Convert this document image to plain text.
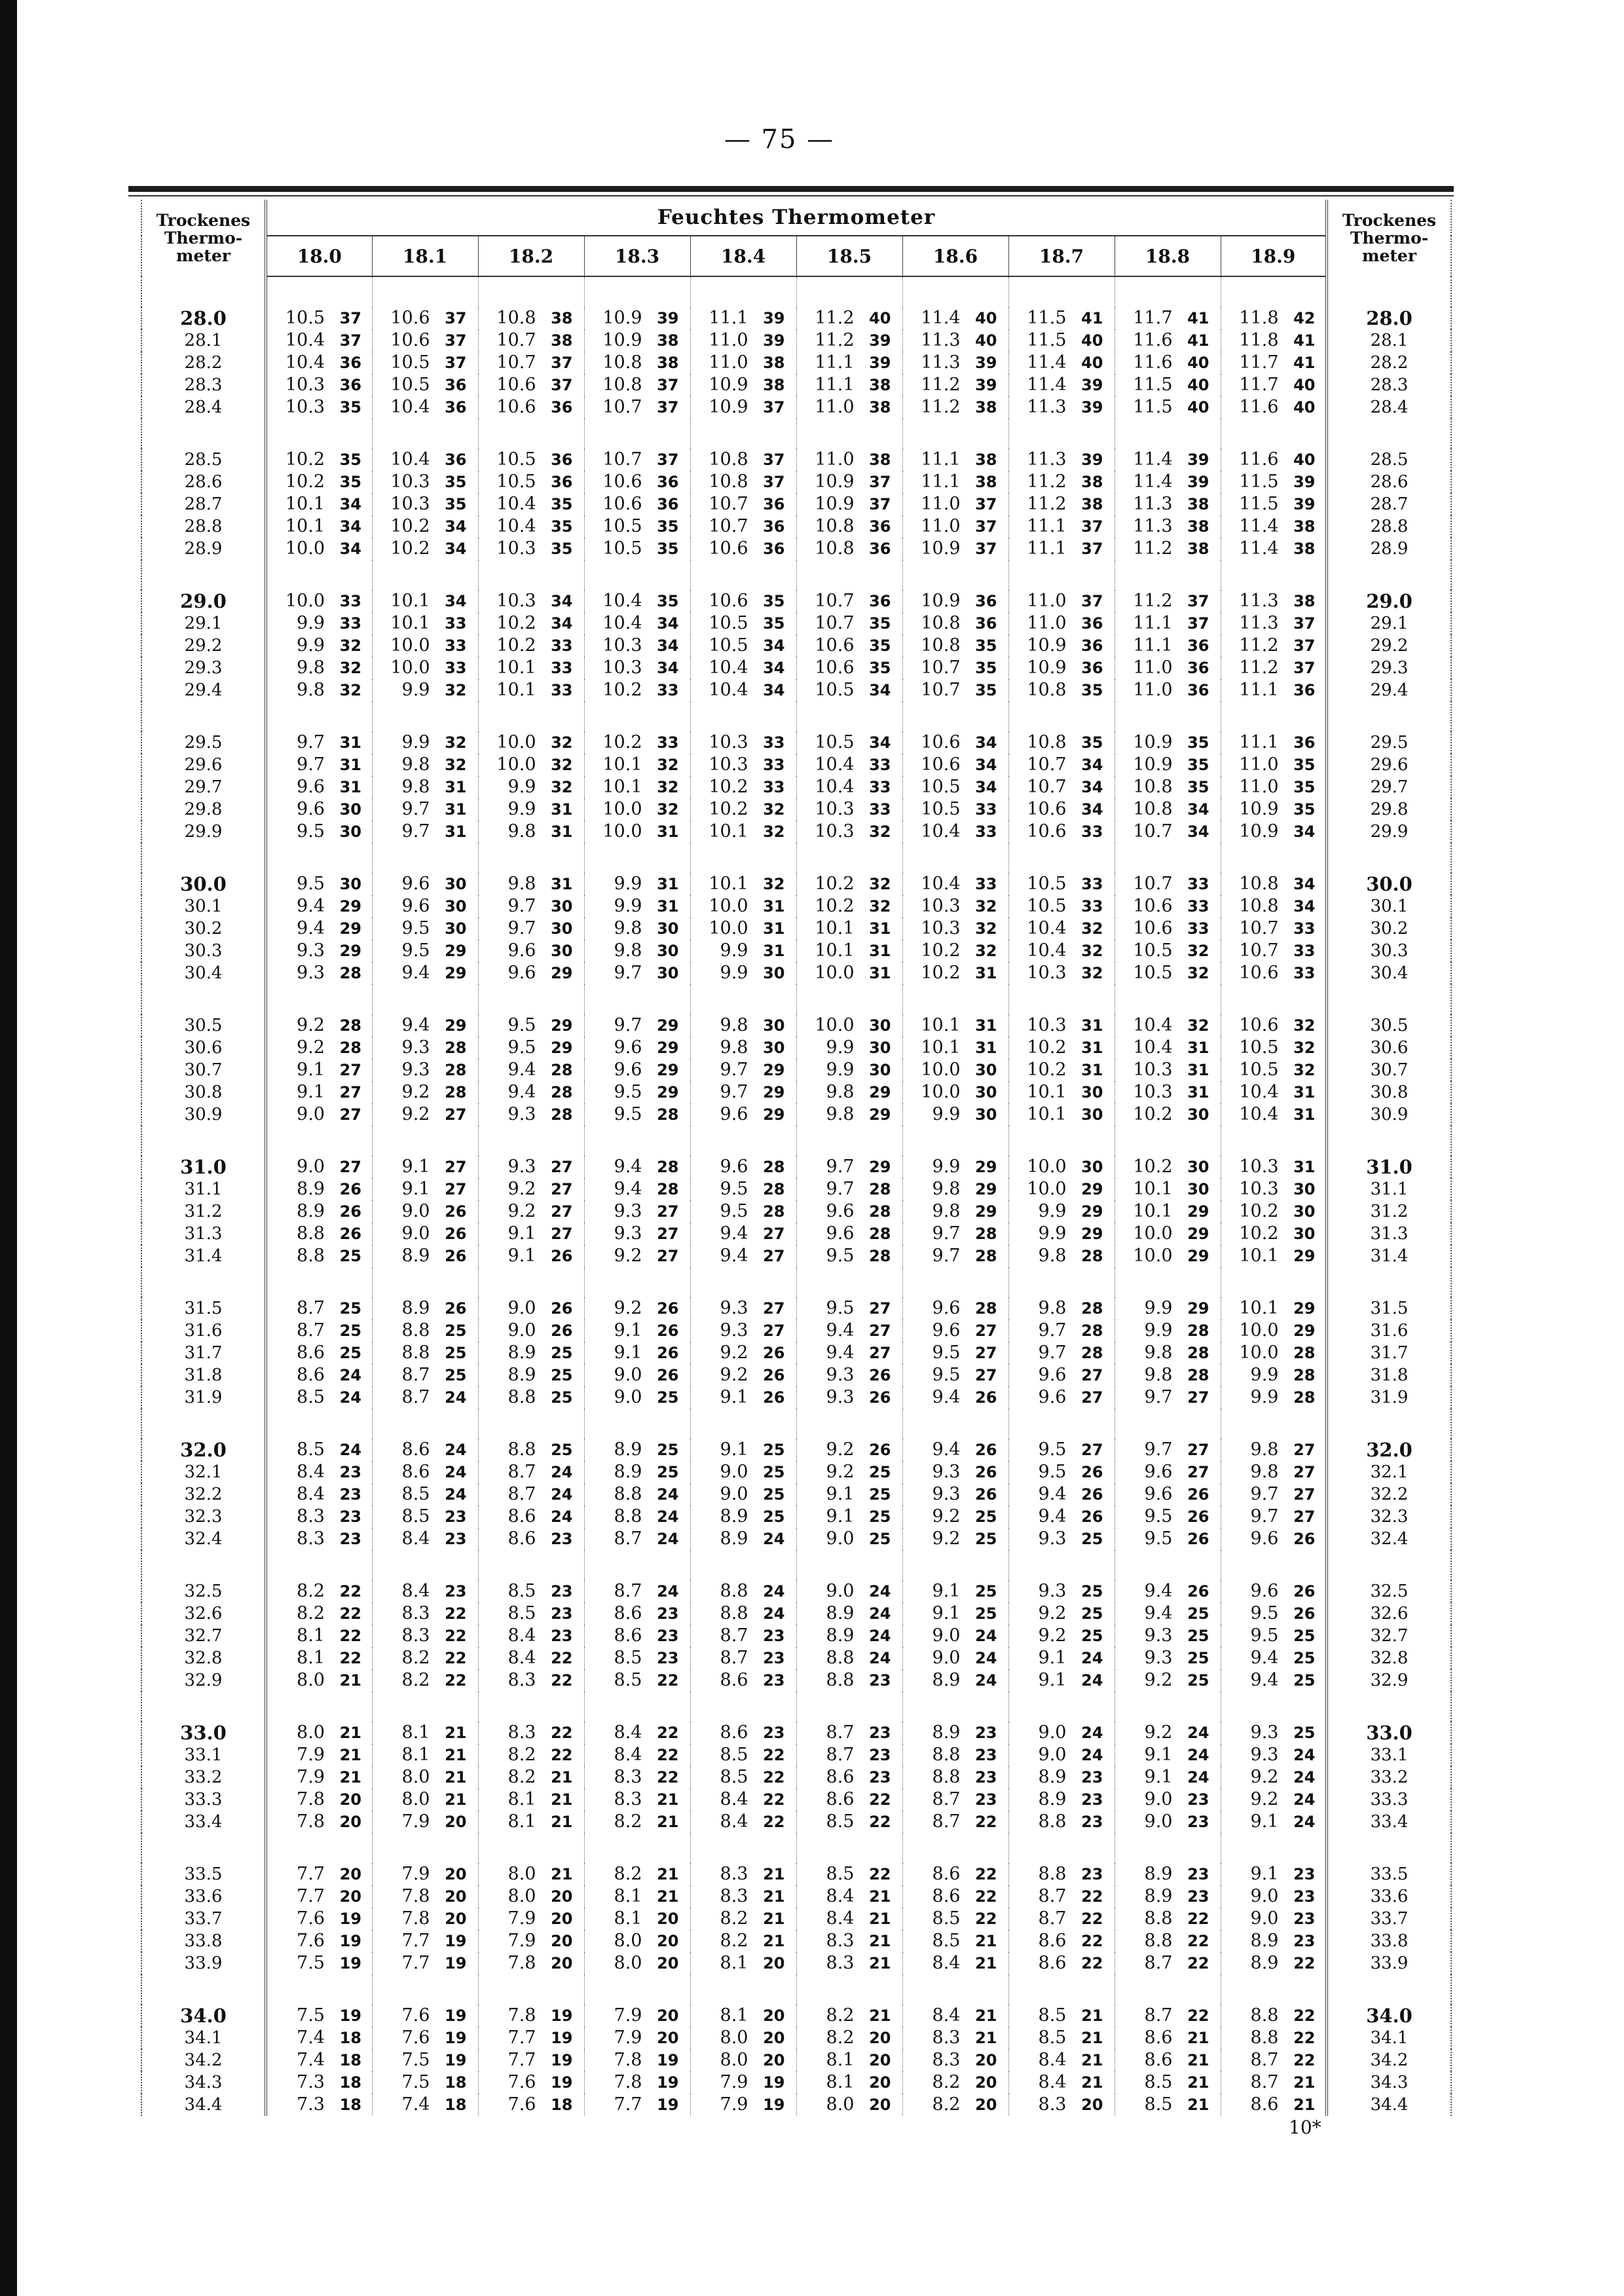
— 75 —
Trockenes
Thermo-
meter	Feuchtes Thermometer										Trockenes
Thermo-
meter
	18.0	18.1	18.2	18.3	18.4	18.5	18.6	18.7	18.8	18.9	

28.0	10.5 37	10.6 37	10.8 38	10.9 39	11.1 39	11.2 40	11.4 40	11.5 41	11.7 41	11.8 42	28.0
28.1	10.4 37	10.6 37	10.7 38	10.9 38	11.0 39	11.2 39	11.3 40	11.5 40	11.6 41	11.8 41	28.1
28.2	10.4 36	10.5 37	10.7 37	10.8 38	11.0 38	11.1 39	11.3 39	11.4 40	11.6 40	11.7 41	28.2
28.3	10.3 36	10.5 36	10.6 37	10.8 37	10.9 38	11.1 38	11.2 39	11.4 39	11.5 40	11.7 40	28.3
28.4	10.3 35	10.4 36	10.6 36	10.7 37	10.9 37	11.0 38	11.2 38	11.3 39	11.5 40	11.6 40	28.4

28.5	10.2 35	10.4 36	10.5 36	10.7 37	10.8 37	11.0 38	11.1 38	11.3 39	11.4 39	11.6 40	28.5
28.6	10.2 35	10.3 35	10.5 36	10.6 36	10.8 37	10.9 37	11.1 38	11.2 38	11.4 39	11.5 39	28.6
28.7	10.1 34	10.3 35	10.4 35	10.6 36	10.7 36	10.9 37	11.0 37	11.2 38	11.3 38	11.5 39	28.7
28.8	10.1 34	10.2 34	10.4 35	10.5 35	10.7 36	10.8 36	11.0 37	11.1 37	11.3 38	11.4 38	28.8
28.9	10.0 34	10.2 34	10.3 35	10.5 35	10.6 36	10.8 36	10.9 37	11.1 37	11.2 38	11.4 38	28.9

29.0	10.0 33	10.1 34	10.3 34	10.4 35	10.6 35	10.7 36	10.9 36	11.0 37	11.2 37	11.3 38	29.0
29.1	9.9 33	10.1 33	10.2 34	10.4 34	10.5 35	10.7 35	10.8 36	11.0 36	11.1 37	11.3 37	29.1
29.2	9.9 32	10.0 33	10.2 33	10.3 34	10.5 34	10.6 35	10.8 35	10.9 36	11.1 36	11.2 37	29.2
29.3	9.8 32	10.0 33	10.1 33	10.3 34	10.4 34	10.6 35	10.7 35	10.9 36	11.0 36	11.2 37	29.3
29.4	9.8 32	9.9 32	10.1 33	10.2 33	10.4 34	10.5 34	10.7 35	10.8 35	11.0 36	11.1 36	29.4

29.5	9.7 31	9.9 32	10.0 32	10.2 33	10.3 33	10.5 34	10.6 34	10.8 35	10.9 35	11.1 36	29.5
29.6	9.7 31	9.8 32	10.0 32	10.1 32	10.3 33	10.4 33	10.6 34	10.7 34	10.9 35	11.0 35	29.6
29.7	9.6 31	9.8 31	9.9 32	10.1 32	10.2 33	10.4 33	10.5 34	10.7 34	10.8 35	11.0 35	29.7
29.8	9.6 30	9.7 31	9.9 31	10.0 32	10.2 32	10.3 33	10.5 33	10.6 34	10.8 34	10.9 35	29.8
29.9	9.5 30	9.7 31	9.8 31	10.0 31	10.1 32	10.3 32	10.4 33	10.6 33	10.7 34	10.9 34	29.9

30.0	9.5 30	9.6 30	9.8 31	9.9 31	10.1 32	10.2 32	10.4 33	10.5 33	10.7 33	10.8 34	30.0
30.1	9.4 29	9.6 30	9.7 30	9.9 31	10.0 31	10.2 32	10.3 32	10.5 33	10.6 33	10.8 34	30.1
30.2	9.4 29	9.5 30	9.7 30	9.8 30	10.0 31	10.1 31	10.3 32	10.4 32	10.6 33	10.7 33	30.2
30.3	9.3 29	9.5 29	9.6 30	9.8 30	9.9 31	10.1 31	10.2 32	10.4 32	10.5 32	10.7 33	30.3
30.4	9.3 28	9.4 29	9.6 29	9.7 30	9.9 30	10.0 31	10.2 31	10.3 32	10.5 32	10.6 33	30.4

30.5	9.2 28	9.4 29	9.5 29	9.7 29	9.8 30	10.0 30	10.1 31	10.3 31	10.4 32	10.6 32	30.5
30.6	9.2 28	9.3 28	9.5 29	9.6 29	9.8 30	9.9 30	10.1 31	10.2 31	10.4 31	10.5 32	30.6
30.7	9.1 27	9.3 28	9.4 28	9.6 29	9.7 29	9.9 30	10.0 30	10.2 31	10.3 31	10.5 32	30.7
30.8	9.1 27	9.2 28	9.4 28	9.5 29	9.7 29	9.8 29	10.0 30	10.1 30	10.3 31	10.4 31	30.8
30.9	9.0 27	9.2 27	9.3 28	9.5 28	9.6 29	9.8 29	9.9 30	10.1 30	10.2 30	10.4 31	30.9

31.0	9.0 27	9.1 27	9.3 27	9.4 28	9.6 28	9.7 29	9.9 29	10.0 30	10.2 30	10.3 31	31.0
31.1	8.9 26	9.1 27	9.2 27	9.4 28	9.5 28	9.7 28	9.8 29	10.0 29	10.1 30	10.3 30	31.1
31.2	8.9 26	9.0 26	9.2 27	9.3 27	9.5 28	9.6 28	9.8 29	9.9 29	10.1 29	10.2 30	31.2
31.3	8.8 26	9.0 26	9.1 27	9.3 27	9.4 27	9.6 28	9.7 28	9.9 29	10.0 29	10.2 30	31.3
31.4	8.8 25	8.9 26	9.1 26	9.2 27	9.4 27	9.5 28	9.7 28	9.8 28	10.0 29	10.1 29	31.4

31.5	8.7 25	8.9 26	9.0 26	9.2 26	9.3 27	9.5 27	9.6 28	9.8 28	9.9 29	10.1 29	31.5
31.6	8.7 25	8.8 25	9.0 26	9.1 26	9.3 27	9.4 27	9.6 27	9.7 28	9.9 28	10.0 29	31.6
31.7	8.6 25	8.8 25	8.9 25	9.1 26	9.2 26	9.4 27	9.5 27	9.7 28	9.8 28	10.0 28	31.7
31.8	8.6 24	8.7 25	8.9 25	9.0 26	9.2 26	9.3 26	9.5 27	9.6 27	9.8 28	9.9 28	31.8
31.9	8.5 24	8.7 24	8.8 25	9.0 25	9.1 26	9.3 26	9.4 26	9.6 27	9.7 27	9.9 28	31.9

32.0	8.5 24	8.6 24	8.8 25	8.9 25	9.1 25	9.2 26	9.4 26	9.5 27	9.7 27	9.8 27	32.0
32.1	8.4 23	8.6 24	8.7 24	8.9 25	9.0 25	9.2 25	9.3 26	9.5 26	9.6 27	9.8 27	32.1
32.2	8.4 23	8.5 24	8.7 24	8.8 24	9.0 25	9.1 25	9.3 26	9.4 26	9.6 26	9.7 27	32.2
32.3	8.3 23	8.5 23	8.6 24	8.8 24	8.9 25	9.1 25	9.2 25	9.4 26	9.5 26	9.7 27	32.3
32.4	8.3 23	8.4 23	8.6 23	8.7 24	8.9 24	9.0 25	9.2 25	9.3 25	9.5 26	9.6 26	32.4

32.5	8.2 22	8.4 23	8.5 23	8.7 24	8.8 24	9.0 24	9.1 25	9.3 25	9.4 26	9.6 26	32.5
32.6	8.2 22	8.3 22	8.5 23	8.6 23	8.8 24	8.9 24	9.1 25	9.2 25	9.4 25	9.5 26	32.6
32.7	8.1 22	8.3 22	8.4 23	8.6 23	8.7 23	8.9 24	9.0 24	9.2 25	9.3 25	9.5 25	32.7
32.8	8.1 22	8.2 22	8.4 22	8.5 23	8.7 23	8.8 24	9.0 24	9.1 24	9.3 25	9.4 25	32.8
32.9	8.0 21	8.2 22	8.3 22	8.5 22	8.6 23	8.8 23	8.9 24	9.1 24	9.2 25	9.4 25	32.9

33.0	8.0 21	8.1 21	8.3 22	8.4 22	8.6 23	8.7 23	8.9 23	9.0 24	9.2 24	9.3 25	33.0
33.1	7.9 21	8.1 21	8.2 22	8.4 22	8.5 22	8.7 23	8.8 23	9.0 24	9.1 24	9.3 24	33.1
33.2	7.9 21	8.0 21	8.2 21	8.3 22	8.5 22	8.6 23	8.8 23	8.9 23	9.1 24	9.2 24	33.2
33.3	7.8 20	8.0 21	8.1 21	8.3 21	8.4 22	8.6 22	8.7 23	8.9 23	9.0 23	9.2 24	33.3
33.4	7.8 20	7.9 20	8.1 21	8.2 21	8.4 22	8.5 22	8.7 22	8.8 23	9.0 23	9.1 24	33.4

33.5	7.7 20	7.9 20	8.0 21	8.2 21	8.3 21	8.5 22	8.6 22	8.8 23	8.9 23	9.1 23	33.5
33.6	7.7 20	7.8 20	8.0 20	8.1 21	8.3 21	8.4 21	8.6 22	8.7 22	8.9 23	9.0 23	33.6
33.7	7.6 19	7.8 20	7.9 20	8.1 20	8.2 21	8.4 21	8.5 22	8.7 22	8.8 22	9.0 23	33.7
33.8	7.6 19	7.7 19	7.9 20	8.0 20	8.2 21	8.3 21	8.5 21	8.6 22	8.8 22	8.9 23	33.8
33.9	7.5 19	7.7 19	7.8 20	8.0 20	8.1 20	8.3 21	8.4 21	8.6 22	8.7 22	8.9 22	33.9

34.0	7.5 19	7.6 19	7.8 19	7.9 20	8.1 20	8.2 21	8.4 21	8.5 21	8.7 22	8.8 22	34.0
34.1	7.4 18	7.6 19	7.7 19	7.9 20	8.0 20	8.2 20	8.3 21	8.5 21	8.6 21	8.8 22	34.1
34.2	7.4 18	7.5 19	7.7 19	7.8 19	8.0 20	8.1 20	8.3 20	8.4 21	8.6 21	8.7 22	34.2
34.3	7.3 18	7.5 18	7.6 19	7.8 19	7.9 19	8.1 20	8.2 20	8.4 21	8.5 21	8.7 21	34.3
34.4	7.3 18	7.4 18	7.6 18	7.7 19	7.9 19	8.0 20	8.2 20	8.3 20	8.5 21	8.6 21	34.4

10*
